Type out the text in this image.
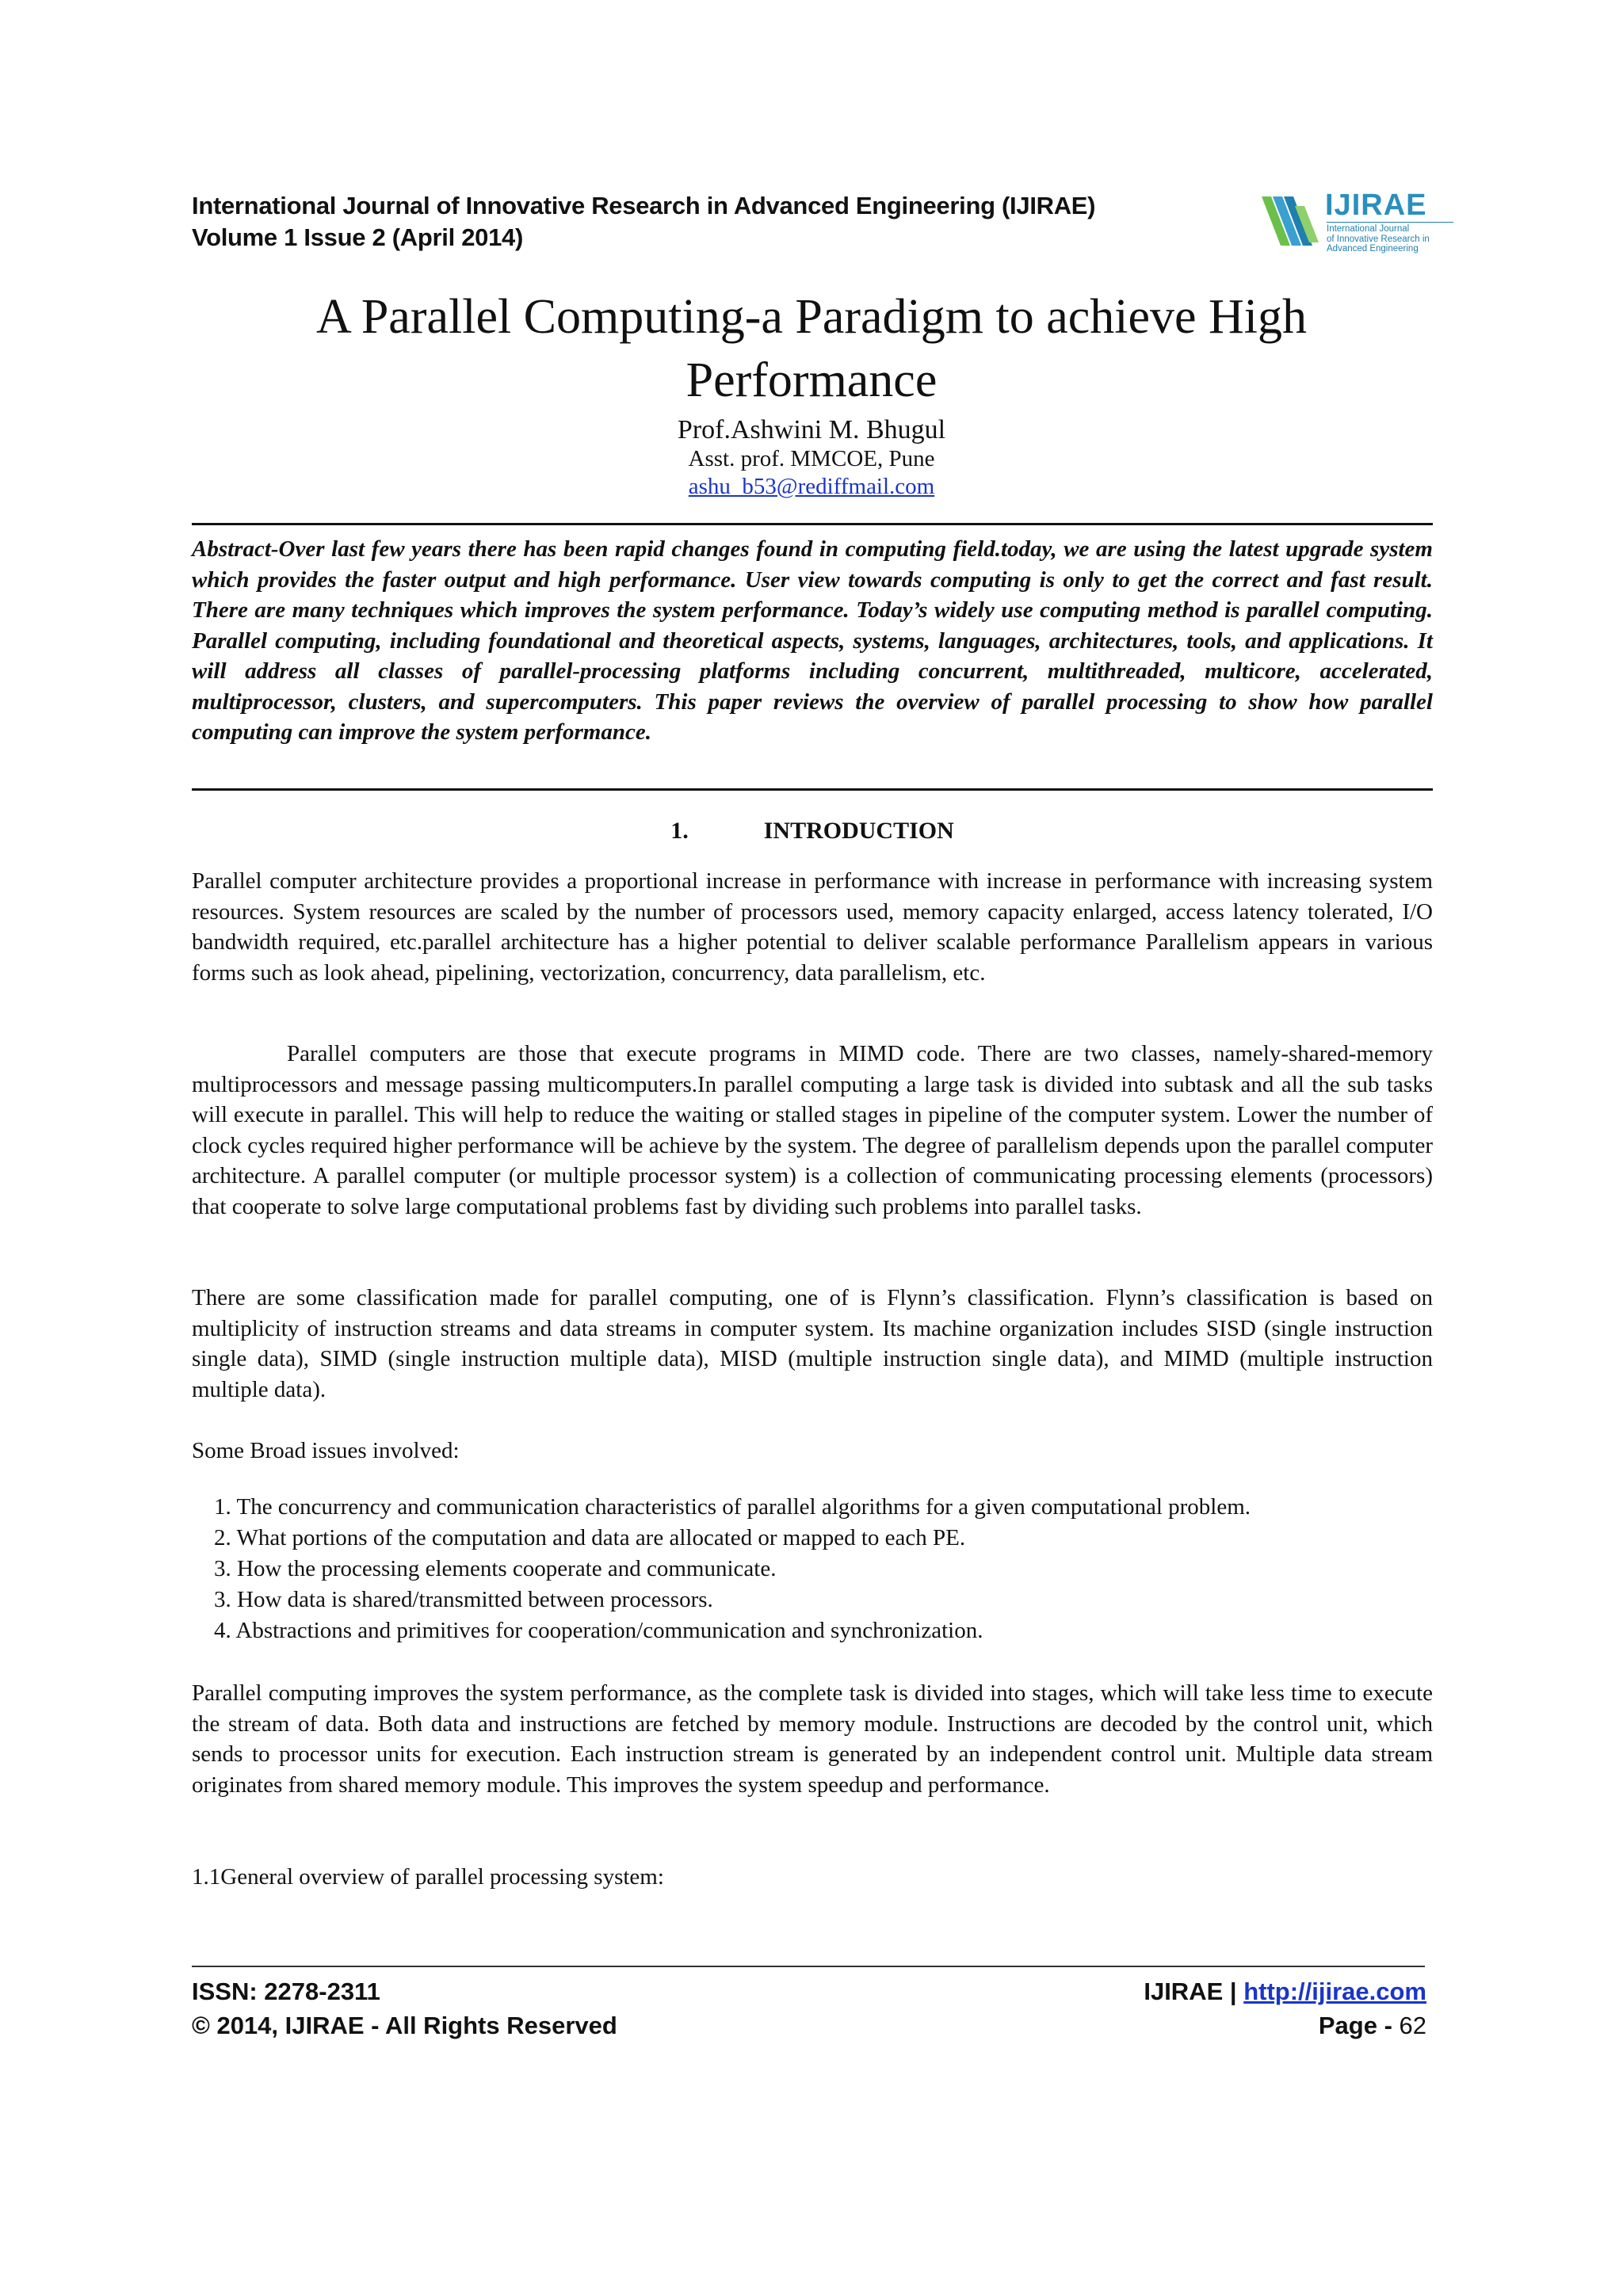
International Journal of Innovative Research in Advanced Engineering (IJIRAE)
Volume 1 Issue 2 (April 2014)
IJIRAE
International Journal
of Innovative Research in
Advanced Engineering
A Parallel Computing-a Paradigm to achieve High
Performance
Prof.Ashwini M. Bhugul
Asst. prof. MMCOE, Pune
ashu_b53@rediffmail.com

Abstract-Over last few years there has been rapid changes found in computing field.today, we are using the latest upgrade system which provides the faster output and high performance. User view towards computing is only to get the correct and fast result. There are many techniques which improves the system performance. Today’s widely use computing method is parallel computing. Parallel computing, including foundational and theoretical aspects, systems, languages, architectures, tools, and applications. It will address all classes of parallel-processing platforms including concurrent, multithreaded, multicore, accelerated, multiprocessor, clusters, and supercomputers. This paper reviews the overview of parallel processing to show how parallel computing can improve the system performance.

1.	INTRODUCTION

Parallel computer architecture provides a proportional increase in performance with increase in performance with increasing system resources. System resources are scaled by the number of processors used, memory capacity enlarged, access latency tolerated, I/O bandwidth required, etc.parallel architecture has a higher potential to deliver scalable performance Parallelism appears in various forms such as look ahead, pipelining, vectorization, concurrency, data parallelism, etc.

Parallel computers are those that execute programs in MIMD code. There are two classes, namely-shared-memory multiprocessors and message passing multicomputers.In parallel computing a large task is divided into subtask and all the sub tasks will execute in parallel. This will help to reduce the waiting or stalled stages in pipeline of the computer system. Lower the number of clock cycles required higher performance will be achieve by the system. The degree of parallelism depends upon the parallel computer architecture. A parallel computer (or multiple processor system) is a collection of communicating processing elements (processors) that cooperate to solve large computational problems fast by dividing such problems into parallel tasks.

There are some classification made for parallel computing, one of is Flynn’s classification. Flynn’s classification is based on multiplicity of instruction streams and data streams in computer system. Its machine organization includes SISD (single instruction single data), SIMD (single instruction multiple data), MISD (multiple instruction single data), and MIMD (multiple instruction multiple data).

Some Broad issues involved:

1. The concurrency and communication characteristics of parallel algorithms for a given computational problem.
2. What portions of the computation and data are allocated or mapped to each PE.
3. How the processing elements cooperate and communicate.
3. How data is shared/transmitted between processors.
4. Abstractions and primitives for cooperation/communication and synchronization.

Parallel computing improves the system performance, as the complete task is divided into stages, which will take less time to execute the stream of data. Both data and instructions are fetched by memory module. Instructions are decoded by the control unit, which sends to processor units for execution. Each instruction stream is generated by an independent control unit. Multiple data stream originates from shared memory module. This improves the system speedup and performance.

1.1General overview of parallel processing system:

ISSN: 2278-2311
© 2014, IJIRAE - All Rights Reserved
IJIRAE | http://ijirae.com
Page - 62
